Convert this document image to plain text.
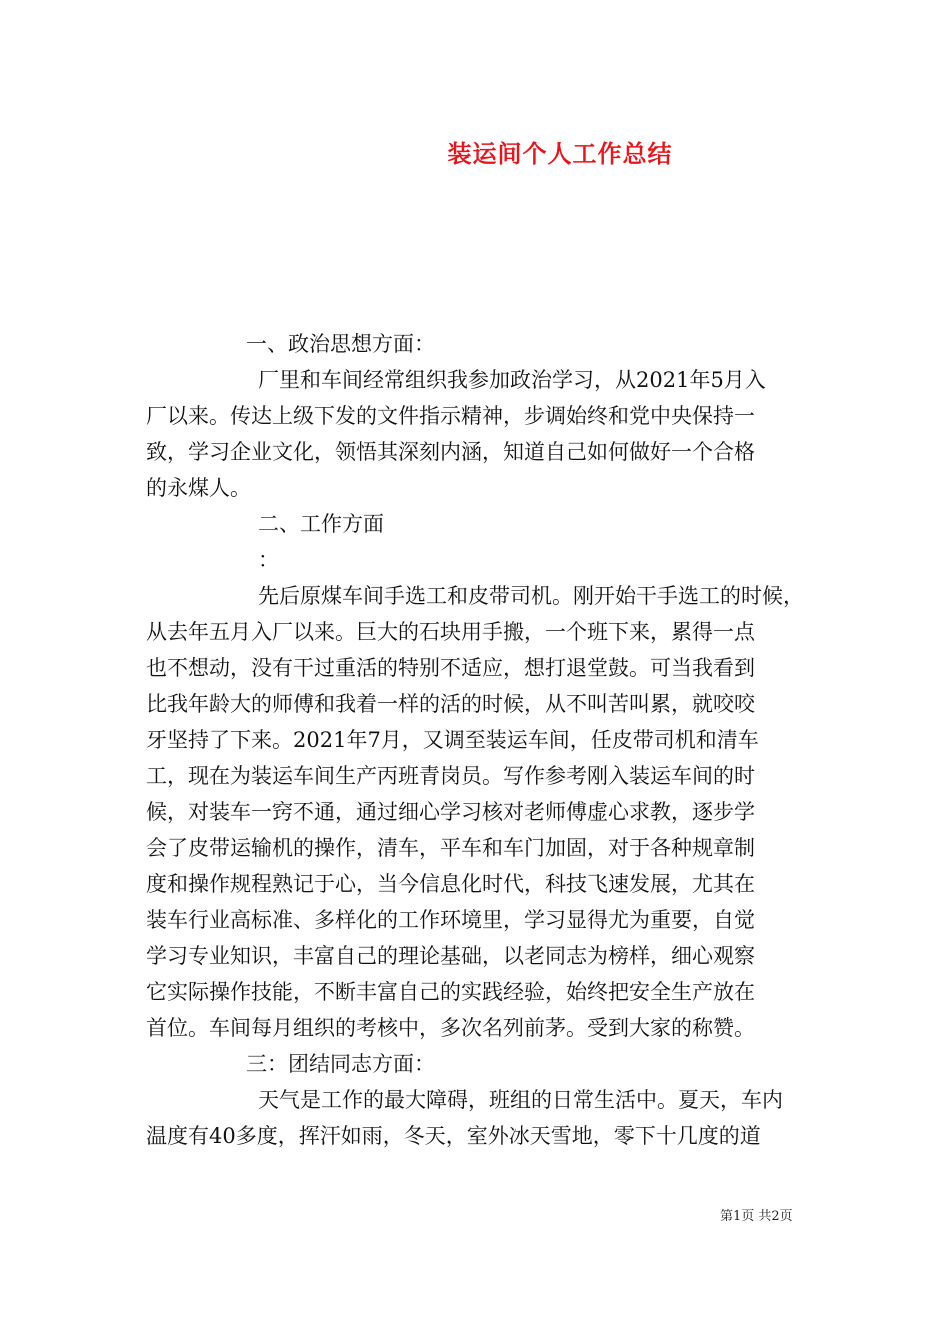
装运间个人工作总结
一、政治思想方面：
厂里和车间经常组织我参加政治学习，从2021年5月入
厂以来。传达上级下发的文件指示精神，步调始终和党中央保持一
致，学习企业文化，领悟其深刻内涵，知道自己如何做好一个合格
的永煤人。
二、工作方面
：
先后原煤车间手选工和皮带司机。刚开始干手选工的时候，
从去年五月入厂以来。巨大的石块用手搬，一个班下来，累得一点
也不想动，没有干过重活的特别不适应，想打退堂鼓。可当我看到
比我年龄大的师傅和我着一样的活的时候，从不叫苦叫累，就咬咬
牙坚持了下来。2021年7月，又调至装运车间，任皮带司机和清车
工，现在为装运车间生产丙班青岗员。写作参考刚入装运车间的时
候，对装车一窍不通，通过细心学习核对老师傅虚心求教，逐步学
会了皮带运输机的操作，清车，平车和车门加固，对于各种规章制
度和操作规程熟记于心，当今信息化时代，科技飞速发展，尤其在
装车行业高标准、多样化的工作环境里，学习显得尤为重要，自觉
学习专业知识，丰富自己的理论基础，以老同志为榜样，细心观察
它实际操作技能，不断丰富自己的实践经验，始终把安全生产放在
首位。车间每月组织的考核中，多次名列前茅。受到大家的称赞。
三：团结同志方面：
天气是工作的最大障碍，班组的日常生活中。夏天，车内
温度有40多度，挥汗如雨，冬天，室外冰天雪地，零下十几度的道
第1页 共2页
